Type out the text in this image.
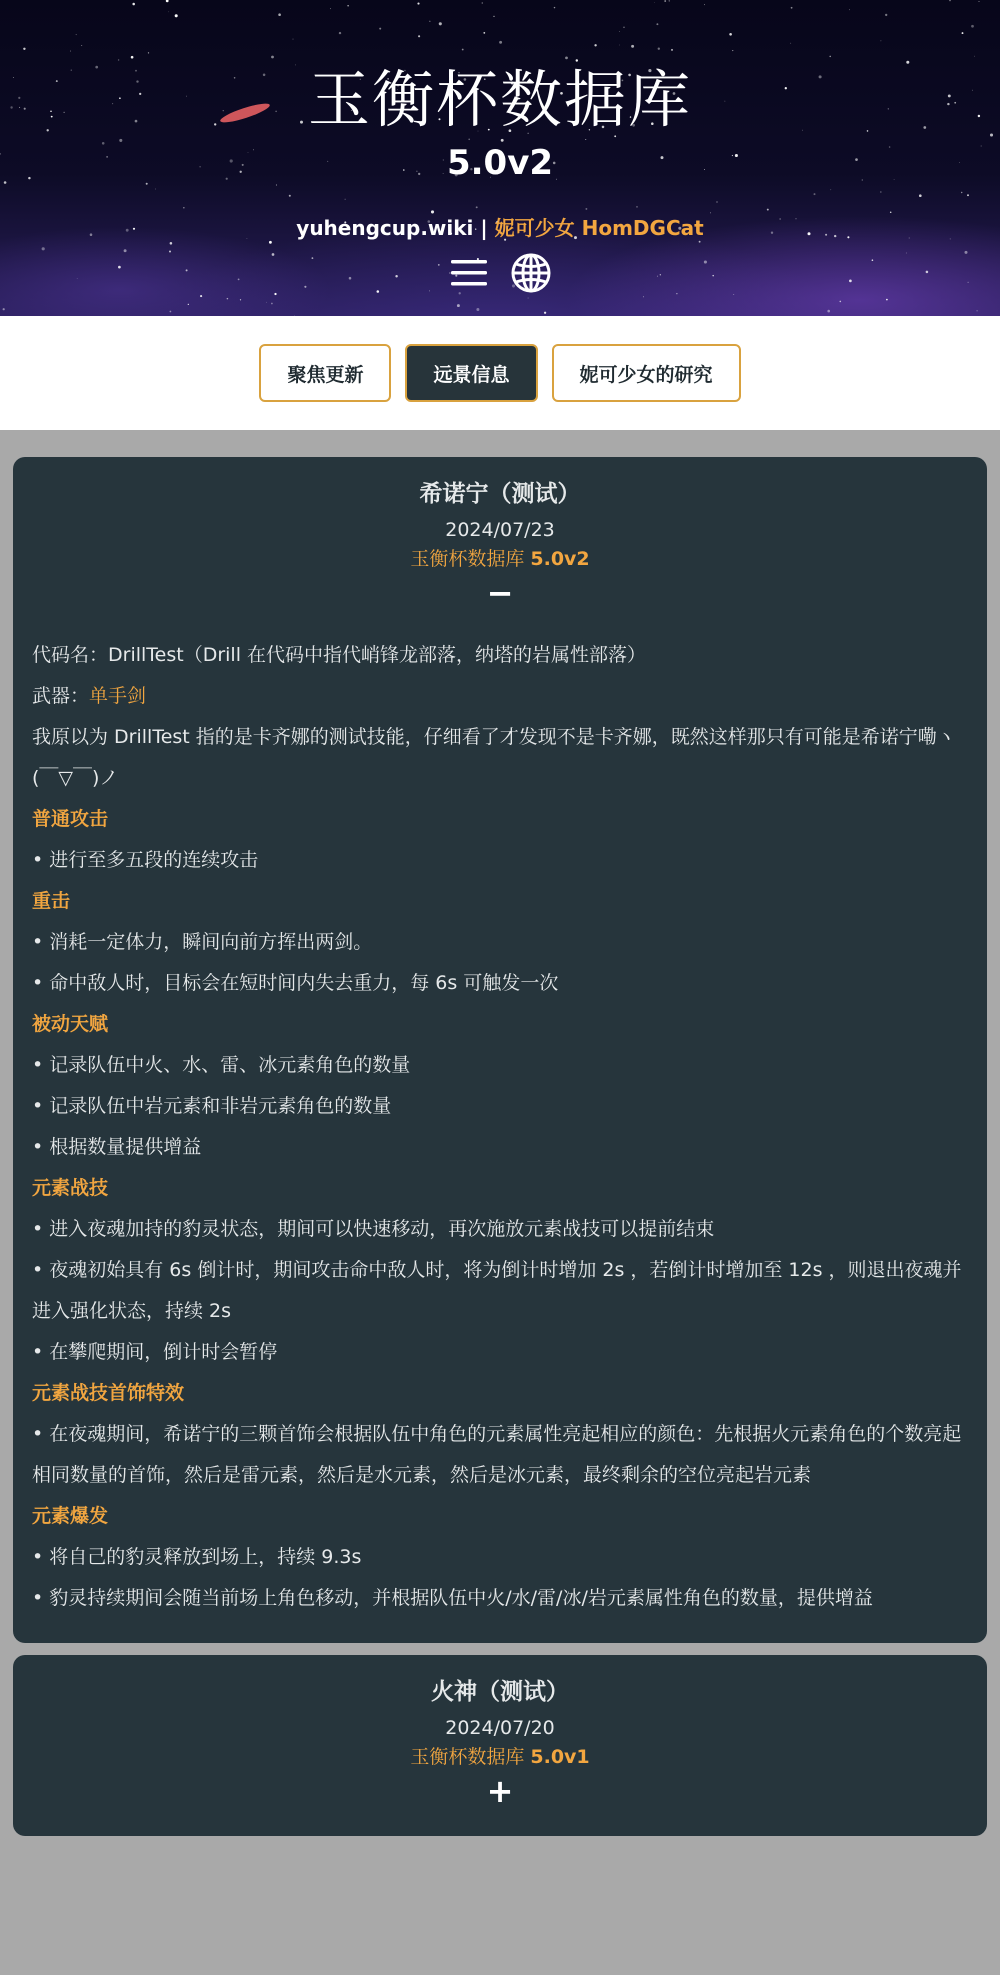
玉衡杯数据库
5.0v2
yuhengcup.wiki | 妮可少女 HomDGCat
聚焦更新	远景信息	妮可少女的研究
希诺宁（测试）
2024/07/23
玉衡杯数据库 5.0v2
−

代码名：DrillTest（Drill 在代码中指代峭锋龙部落，纳塔的岩属性部落）

武器：单手剑

我原以为 DrillTest 指的是卡齐娜的测试技能，仔细看了才发现不是卡齐娜，既然这样那只有可能是希诺宁嘞ヽ(￣▽￣)ノ

普通攻击

• 进行至多五段的连续攻击

重击

• 消耗一定体力，瞬间向前方挥出两剑。

• 命中敌人时，目标会在短时间内失去重力，每 6s 可触发一次

被动天赋

• 记录队伍中火、水、雷、冰元素角色的数量

• 记录队伍中岩元素和非岩元素角色的数量

• 根据数量提供增益

元素战技

• 进入夜魂加持的豹灵状态，期间可以快速移动，再次施放元素战技可以提前结束

• 夜魂初始具有 6s 倒计时，期间攻击命中敌人时，将为倒计时增加 2s ，若倒计时增加至 12s ，则退出夜魂并进入强化状态，持续 2s

• 在攀爬期间，倒计时会暂停

元素战技首饰特效

• 在夜魂期间，希诺宁的三颗首饰会根据队伍中角色的元素属性亮起相应的颜色：先根据火元素角色的个数亮起相同数量的首饰，然后是雷元素，然后是水元素，然后是冰元素，最终剩余的空位亮起岩元素

元素爆发

• 将自己的豹灵释放到场上，持续 9.3s

• 豹灵持续期间会随当前场上角色移动，并根据队伍中火/水/雷/冰/岩元素属性角色的数量，提供增益

火神（测试）
2024/07/20
玉衡杯数据库 5.0v1
+
